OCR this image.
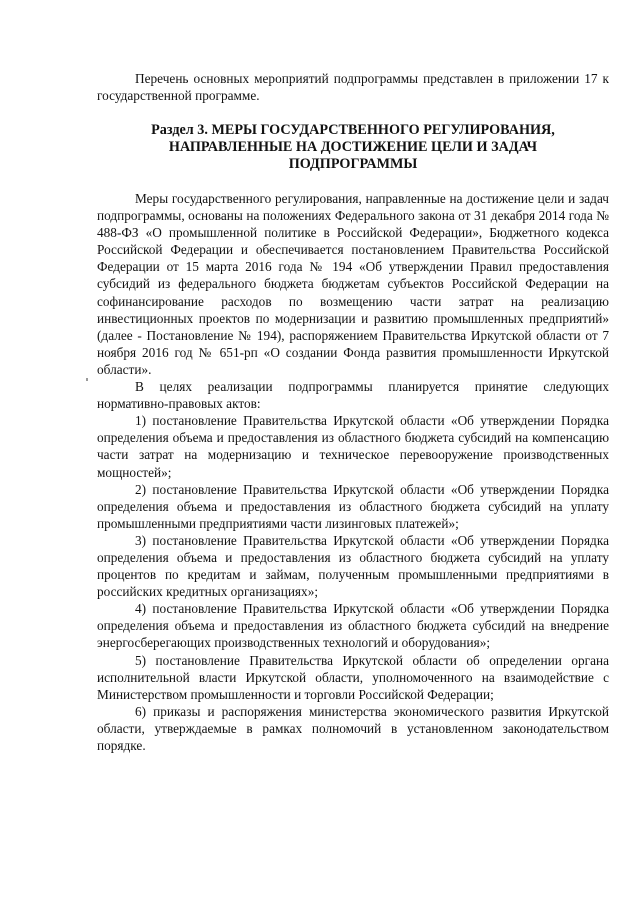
Перечень основных мероприятий подпрограммы представлен в приложении 17 к государственной программе.

Раздел 3. МЕРЫ ГОСУДАРСТВЕННОГО РЕГУЛИРОВАНИЯ,
НАПРАВЛЕННЫЕ НА ДОСТИЖЕНИЕ ЦЕЛИ И ЗАДАЧ
ПОДПРОГРАММЫ

Меры государственного регулирования, направленные на достижение цели и задач подпрограммы, основаны на положениях Федерального закона от 31 декабря 2014 года № 488-ФЗ «О промышленной политике в Российской Федерации», Бюджетного кодекса Российской Федерации и обеспечивается постановлением Правительства Российской Федерации от 15 марта 2016 года № 194 «Об утверждении Правил предоставления субсидий из федерального бюджета бюджетам субъектов Российской Федерации на софинансирование расходов по возмещению части затрат на реализацию инвестиционных проектов по модернизации и развитию промышленных предприятий» (далее - Постановление № 194), распоряжением Правительства Иркутской области от 7 ноября 2016 год № 651-рп «О создании Фонда развития промышленности Иркутской области».

В целях реализации подпрограммы планируется принятие следующих нормативно-правовых актов:

1) постановление Правительства Иркутской области «Об утверждении Порядка определения объема и предоставления из областного бюджета субсидий на компенсацию части затрат на модернизацию и техническое перевооружение производственных мощностей»;

2) постановление Правительства Иркутской области «Об утверждении Порядка определения объема и предоставления из областного бюджета субсидий на уплату промышленными предприятиями части лизинговых платежей»;

3) постановление Правительства Иркутской области «Об утверждении Порядка определения объема и предоставления из областного бюджета субсидий на уплату процентов по кредитам и займам, полученным промышленными предприятиями в российских кредитных организациях»;

4) постановление Правительства Иркутской области «Об утверждении Порядка определения объема и предоставления из областного бюджета субсидий на внедрение энергосберегающих производственных технологий и оборудования»;

5) постановление Правительства Иркутской области об определении органа исполнительной власти Иркутской области, уполномоченного на взаимодействие с Министерством промышленности и торговли Российской Федерации;

6) приказы и распоряжения министерства экономического развития Иркутской области, утверждаемые в рамках полномочий в установленном законодательством порядке.
